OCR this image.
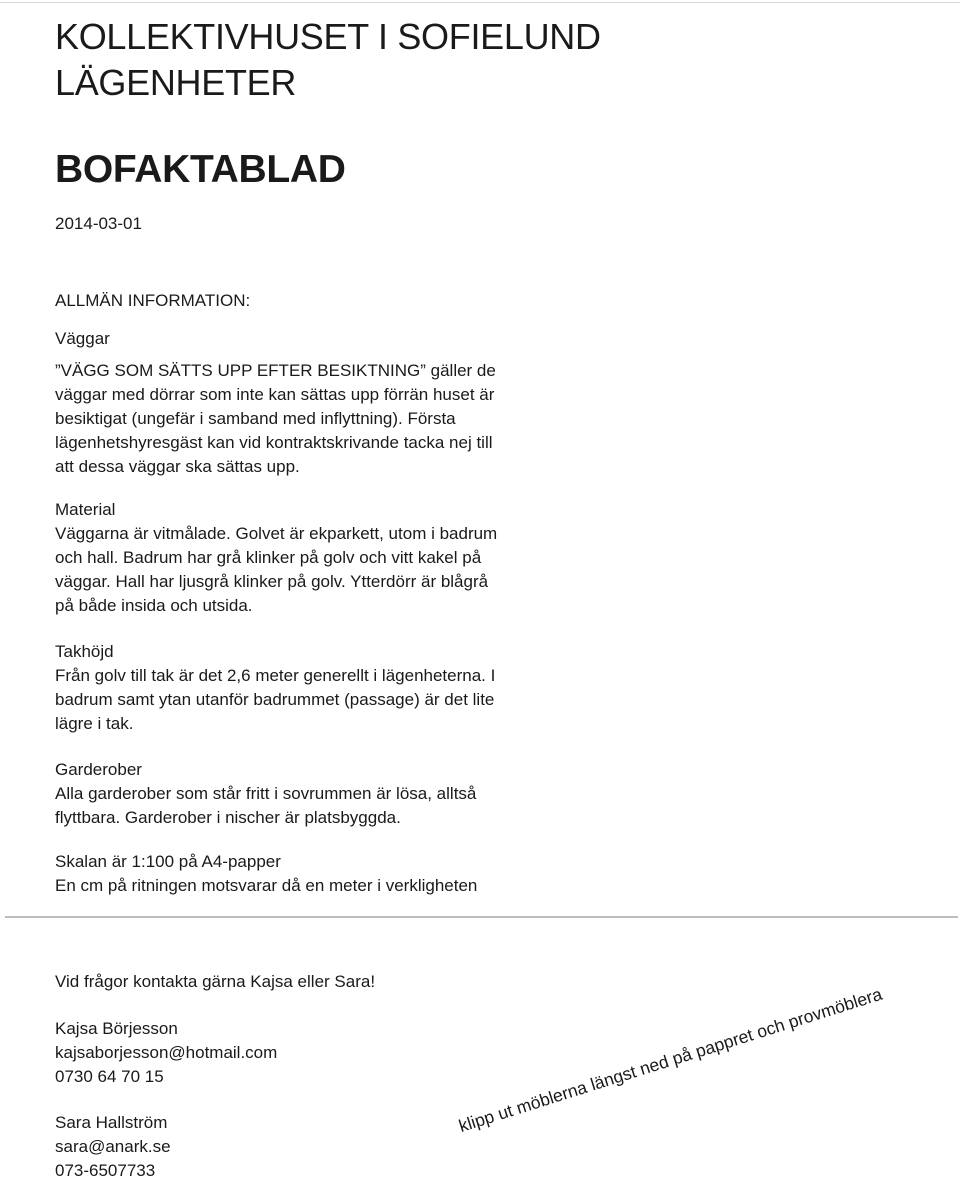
KOLLEKTIVHUSET I SOFIELUND
LÄGENHETER
BOFAKTABLAD
2014-03-01
ALLMÄN INFORMATION:
Väggar
”VÄGG SOM SÄTTS UPP EFTER BESIKTNING” gäller de
väggar med dörrar som inte kan sättas upp förrän huset är
besiktigat (ungefär i samband med inflyttning). Första
lägenhetshyresgäst kan vid kontraktskrivande tacka nej till
att dessa väggar ska sättas upp.
Material
Väggarna är vitmålade. Golvet är ekparkett, utom i badrum
och hall. Badrum har grå klinker på golv och vitt kakel på
väggar. Hall har ljusgrå klinker på golv. Ytterdörr är blågrå
på både insida och utsida.
Takhöjd
Från golv till tak är det 2,6 meter generellt i lägenheterna. I
badrum samt ytan utanför badrummet (passage) är det lite
lägre i tak.
Garderober
Alla garderober som står fritt i sovrummen är lösa, alltså
flyttbara. Garderober i nischer är platsbyggda.
Skalan är 1:100 på A4-papper
En cm på ritningen motsvarar då en meter i verkligheten
Vid frågor kontakta gärna Kajsa eller Sara!
Kajsa Börjesson
kajsaborjesson@hotmail.com
0730 64 70 15
Sara Hallström
sara@anark.se
073-6507733
klipp ut möblerna längst ned på pappret och provmöblera
